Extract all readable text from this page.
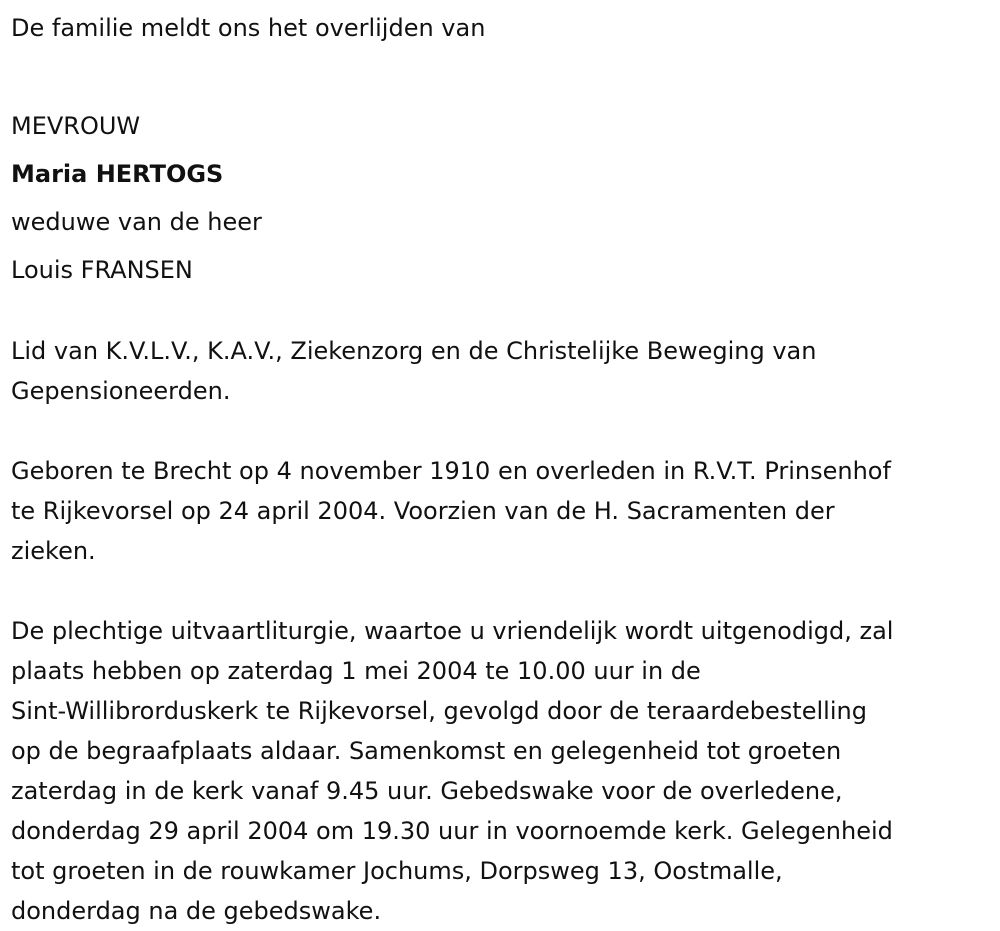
De familie meldt ons het overlijden van

MEVROUW

Maria HERTOGS

weduwe van de heer

Louis FRANSEN

Lid van K.V.L.V., K.A.V., Ziekenzorg en de Christelijke Beweging van
Gepensioneerden.
Geboren te Brecht op 4 november 1910 en overleden in R.V.T. Prinsenhof
te Rijkevorsel op 24 april 2004. Voorzien van de H. Sacramenten der
zieken.
De plechtige uitvaartliturgie, waartoe u vriendelijk wordt uitgenodigd, zal
plaats hebben op zaterdag 1 mei 2004 te 10.00 uur in de
Sint-Willibrorduskerk te Rijkevorsel, gevolgd door de teraardebestelling
op de begraafplaats aldaar. Samenkomst en gelegenheid tot groeten
zaterdag in de kerk vanaf 9.45 uur. Gebedswake voor de overledene,
donderdag 29 april 2004 om 19.30 uur in voornoemde kerk. Gelegenheid
tot groeten in de rouwkamer Jochums, Dorpsweg 13, Oostmalle,
donderdag na de gebedswake.
